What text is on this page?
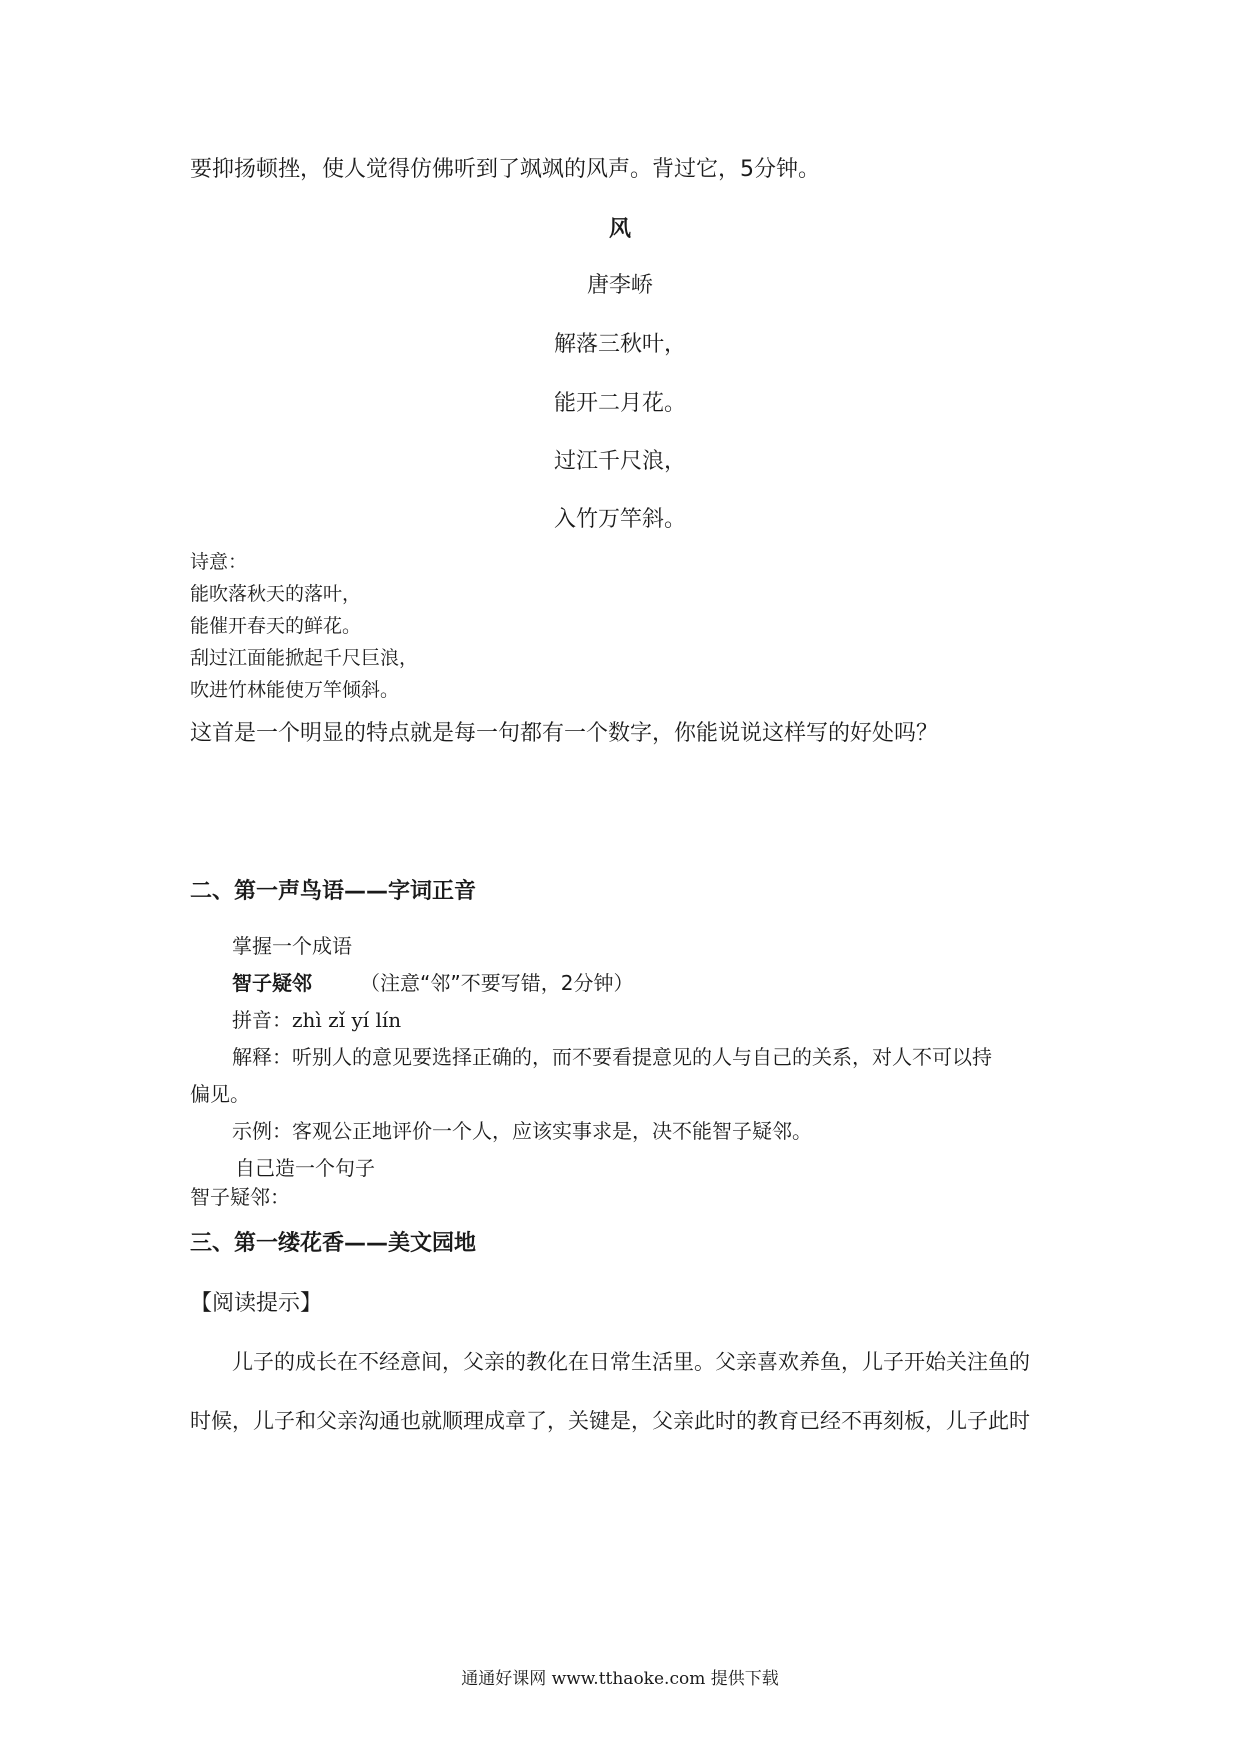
要抑扬顿挫，使人觉得仿佛听到了飒飒的风声。背过它，5分钟。
风
唐李峤
解落三秋叶，
能开二月花。
过江千尺浪，
入竹万竿斜。
诗意：
能吹落秋天的落叶，
能催开春天的鲜花。
刮过江面能掀起千尺巨浪，
吹进竹林能使万竿倾斜。
这首是一个明显的特点就是每一句都有一个数字，你能说说这样写的好处吗？
二、第一声鸟语——字词正音
掌握一个成语
智子疑邻 （注意“邻”不要写错，2分钟）
拼音：zhì zǐ yí lín
解释：听别人的意见要选择正确的，而不要看提意见的人与自己的关系，对人不可以持
偏见。
示例：客观公正地评价一个人，应该实事求是，决不能智子疑邻。
自己造一个句子
智子疑邻：
三、第一缕花香——美文园地
【阅读提示】
儿子的成长在不经意间，父亲的教化在日常生活里。父亲喜欢养鱼，儿子开始关注鱼的
时候，儿子和父亲沟通也就顺理成章了，关键是，父亲此时的教育已经不再刻板，儿子此时
通通好课网 www.tthaoke.com 提供下载
